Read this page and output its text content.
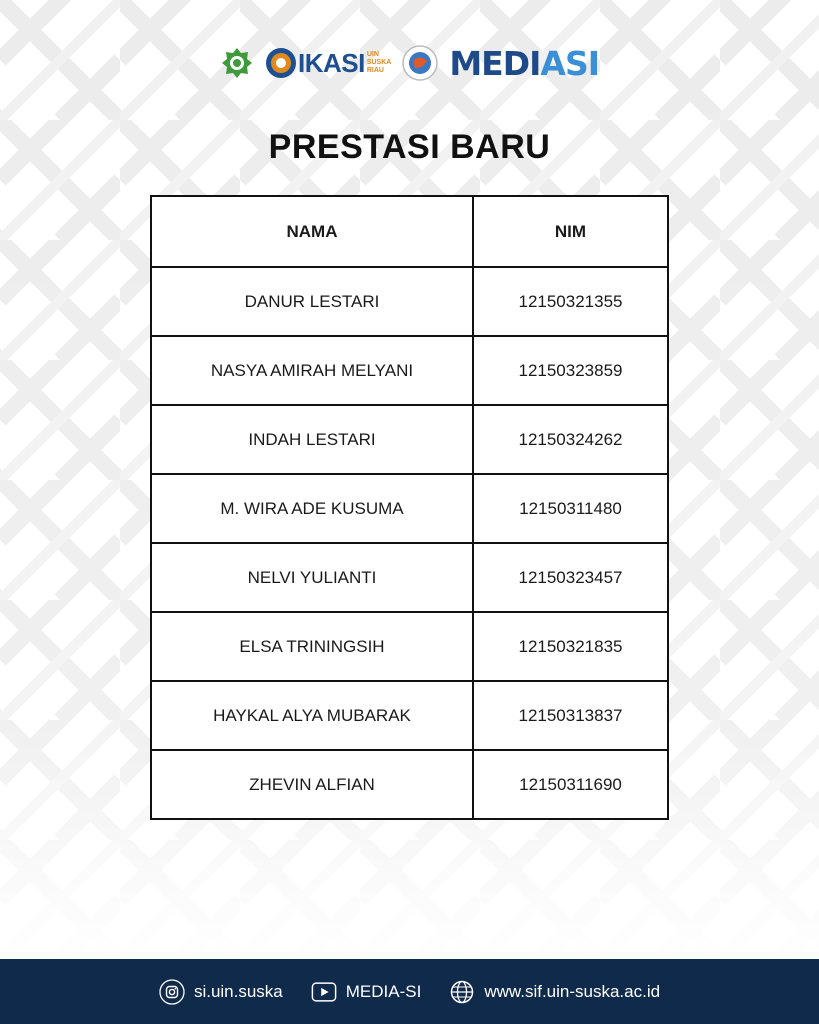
IKASI UIN
SUSKA
RIAU MEDIASI
PRESTASI BARU
NAMA	NIM
DANUR LESTARI	12150321355
NASYA AMIRAH MELYANI	12150323859
INDAH LESTARI	12150324262
M. WIRA ADE KUSUMA	12150311480
NELVI YULIANTI	12150323457
ELSA TRININGSIH	12150321835
HAYKAL ALYA MUBARAK	12150313837
ZHEVIN ALFIAN	12150311690
si.uin.suska	MEDIA-SI	www.sif.uin-suska.ac.id
